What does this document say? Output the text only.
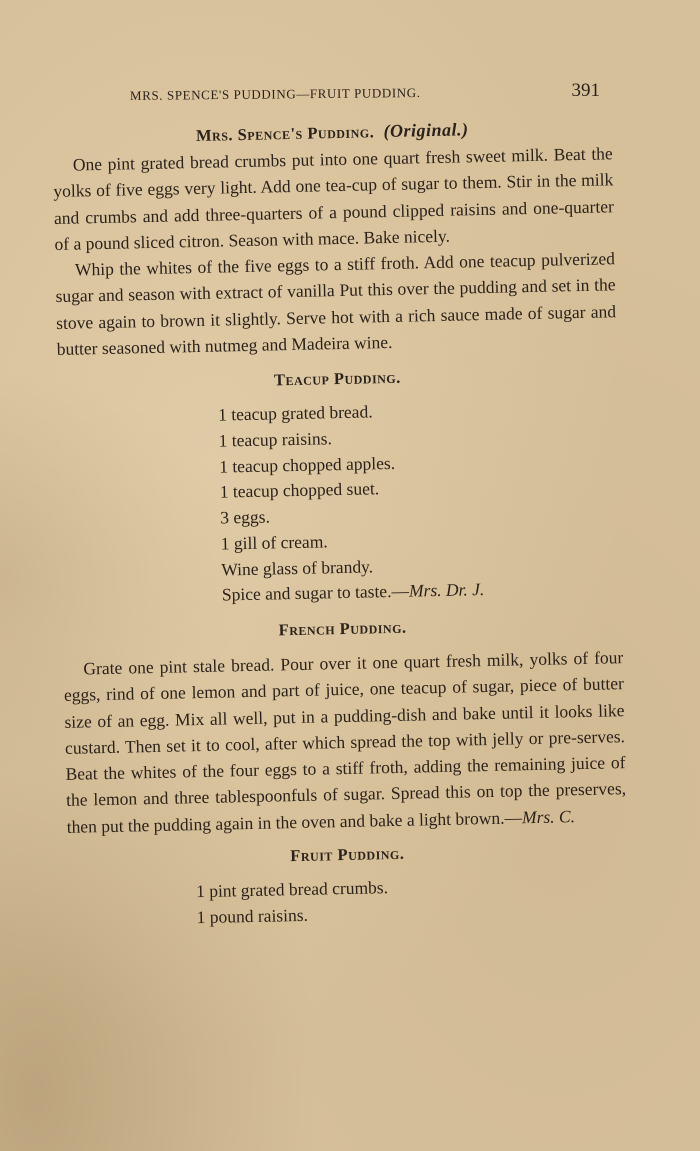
MRS. SPENCE'S PUDDING—FRUIT PUDDING.	391
Mrs. Spence's Pudding. (Original.)

One pint grated bread crumbs put into one quart fresh sweet milk. Beat the yolks of five eggs very light. Add one tea-cup of sugar to them. Stir in the milk and crumbs and add three-quarters of a pound clipped raisins and one-quarter of a pound sliced citron. Season with mace. Bake nicely.

Whip the whites of the five eggs to a stiff froth. Add one teacup pulverized sugar and season with extract of vanilla Put this over the pudding and set in the stove again to brown it slightly. Serve hot with a rich sauce made of sugar and butter seasoned with nutmeg and Madeira wine.

Teacup Pudding.
1 teacup grated bread.
1 teacup raisins.
1 teacup chopped apples.
1 teacup chopped suet.
3 eggs.
1 gill of cream.
Wine glass of brandy.
Spice and sugar to taste.—Mrs. Dr. J.
French Pudding.

Grate one pint stale bread. Pour over it one quart fresh milk, yolks of four eggs, rind of one lemon and part of juice, one teacup of sugar, piece of butter size of an egg. Mix all well, put in a pudding-dish and bake until it looks like custard. Then set it to cool, after which spread the top with jelly or pre-serves. Beat the whites of the four eggs to a stiff froth, adding the remaining juice of the lemon and three tablespoonfuls of sugar. Spread this on top the preserves, then put the pudding again in the oven and bake a light brown.—Mrs. C.

Fruit Pudding.
1 pint grated bread crumbs.
1 pound raisins.
